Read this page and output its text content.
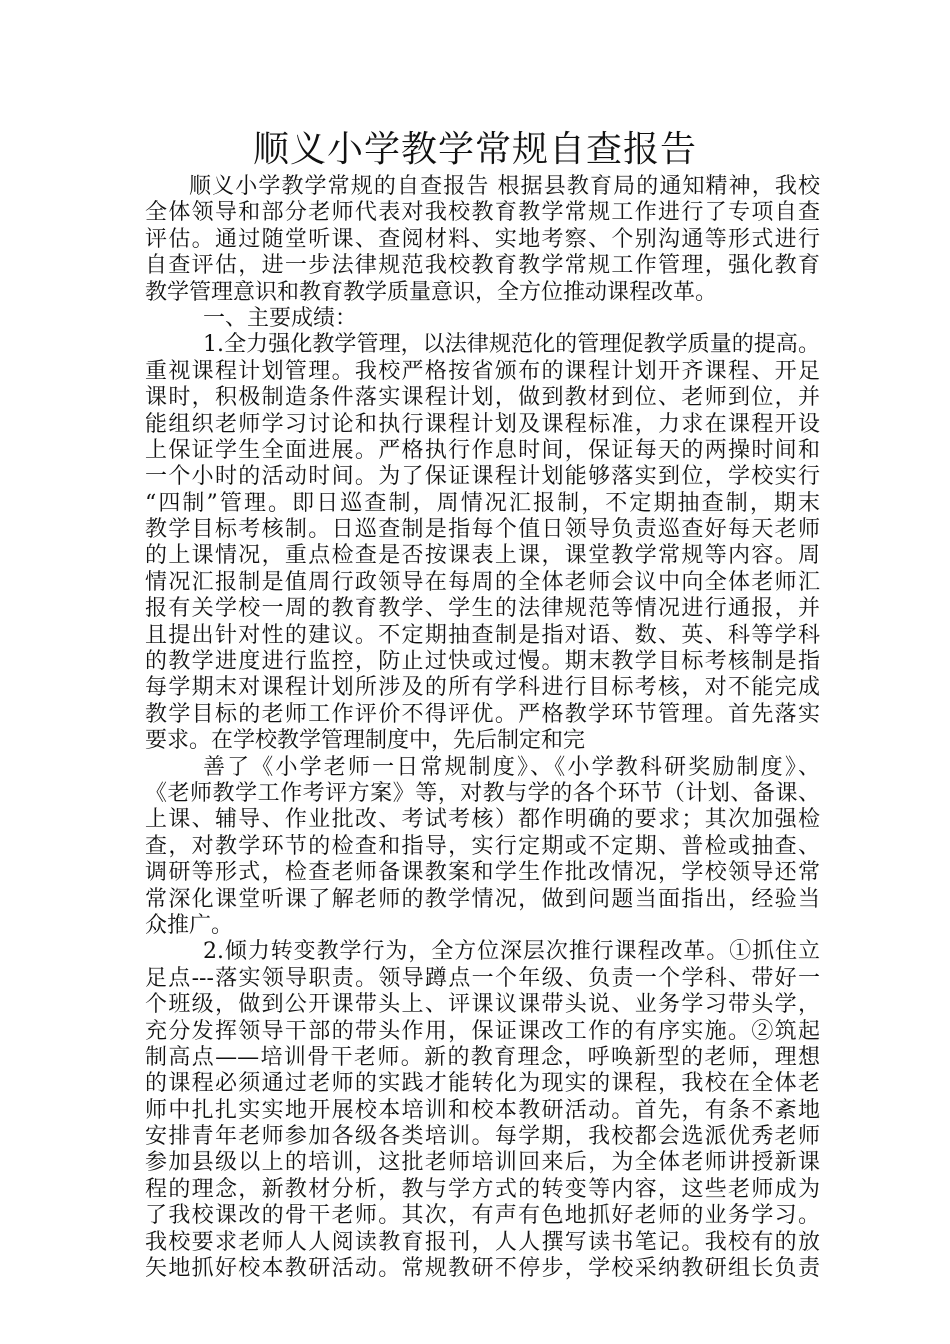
顺义小学教学常规自查报告
顺义小学教学常规的自查报告 根据县教育局的通知精神，我校
全体领导和部分老师代表对我校教育教学常规工作进行了专项自查
评估。通过随堂听课、查阅材料、实地考察、个别沟通等形式进行
自查评估，进一步法律规范我校教育教学常规工作管理，强化教育
教学管理意识和教育教学质量意识，全方位推动课程改革。
一、主要成绩：
1.全力强化教学管理，以法律规范化的管理促教学质量的提高。
重视课程计划管理。我校严格按省颁布的课程计划开齐课程、开足
课时，积极制造条件落实课程计划，做到教材到位、老师到位，并
能组织老师学习讨论和执行课程计划及课程标准，力求在课程开设
上保证学生全面进展。严格执行作息时间，保证每天的两操时间和
一个小时的活动时间。为了保证课程计划能够落实到位，学校实行
“四制”管理。即日巡查制，周情况汇报制，不定期抽查制，期末
教学目标考核制。日巡查制是指每个值日领导负责巡查好每天老师
的上课情况，重点检查是否按课表上课，课堂教学常规等内容。周
情况汇报制是值周行政领导在每周的全体老师会议中向全体老师汇
报有关学校一周的教育教学、学生的法律规范等情况进行通报，并
且提出针对性的建议。不定期抽查制是指对语、数、英、科等学科
的教学进度进行监控，防止过快或过慢。期末教学目标考核制是指
每学期末对课程计划所涉及的所有学科进行目标考核，对不能完成
教学目标的老师工作评价不得评优。严格教学环节管理。首先落实
要求。在学校教学管理制度中，先后制定和完
善了《小学老师一日常规制度》、《小学教科研奖励制度》、
《老师教学工作考评方案》等，对教与学的各个环节（计划、备课、
上课、辅导、作业批改、考试考核）都作明确的要求；其次加强检
查，对教学环节的检查和指导，实行定期或不定期、普检或抽查、
调研等形式，检查老师备课教案和学生作批改情况，学校领导还常
常深化课堂听课了解老师的教学情况，做到问题当面指出，经验当
众推广。
2.倾力转变教学行为，全方位深层次推行课程改革。①抓住立
足点---落实领导职责。领导蹲点一个年级、负责一个学科、带好一
个班级，做到公开课带头上、评课议课带头说、业务学习带头学，
充分发挥领导干部的带头作用，保证课改工作的有序实施。②筑起
制高点——培训骨干老师。新的教育理念，呼唤新型的老师，理想
的课程必须通过老师的实践才能转化为现实的课程，我校在全体老
师中扎扎实实地开展校本培训和校本教研活动。首先，有条不紊地
安排青年老师参加各级各类培训。每学期，我校都会选派优秀老师
参加县级以上的培训，这批老师培训回来后，为全体老师讲授新课
程的理念，新教材分析，教与学方式的转变等内容，这些老师成为
了我校课改的骨干老师。其次，有声有色地抓好老师的业务学习。
我校要求老师人人阅读教育报刊，人人撰写读书笔记。我校有的放
矢地抓好校本教研活动。常规教研不停步，学校采纳教研组长负责
